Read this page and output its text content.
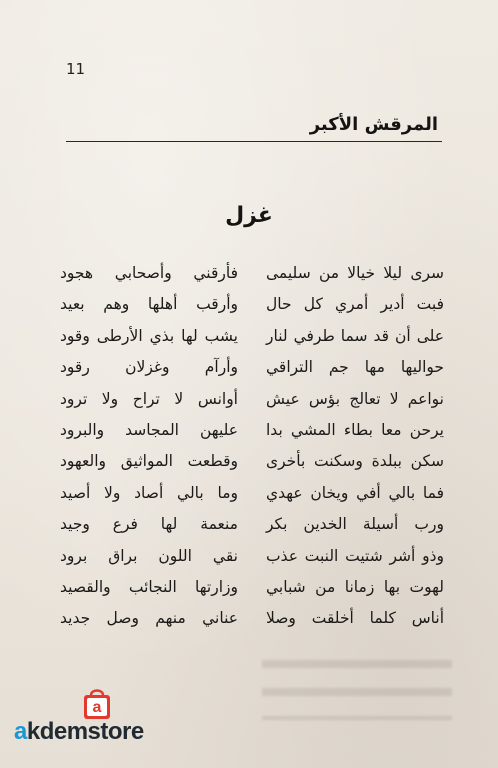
11
المرقش الأكبر
غزل
سرى ليلا خيالا من سليمى
فأرقني وأصحابي هجود
فبت أدير أمري كل حال
وأرقب أهلها وهم بعيد
على أن قد سما طرفي لنار
يشب لها بذي الأرطى وقود
حواليها مها جم التراقي
وأرآم وغزلان رقود
نواعم لا تعالج بؤس عيش
أوانس لا تراح ولا ترود
يرحن معا بطاء المشي بدا
عليهن المجاسد والبرود
سكن ببلدة وسكنت بأخرى
وقطعت المواثيق والعهود
فما بالي أفي ويخان عهدي
وما بالي أصاد ولا أصيد
ورب أسيلة الخدين بكر
منعمة لها فرع وجيد
وذو أشر شتيت النبت عذب
نقي اللون براق برود
لهوت بها زمانا من شبابي
وزارتها النجائب والقصيد
أناس كلما أخلقت وصلا
عناني منهم وصل جديد
a
akdemstore
